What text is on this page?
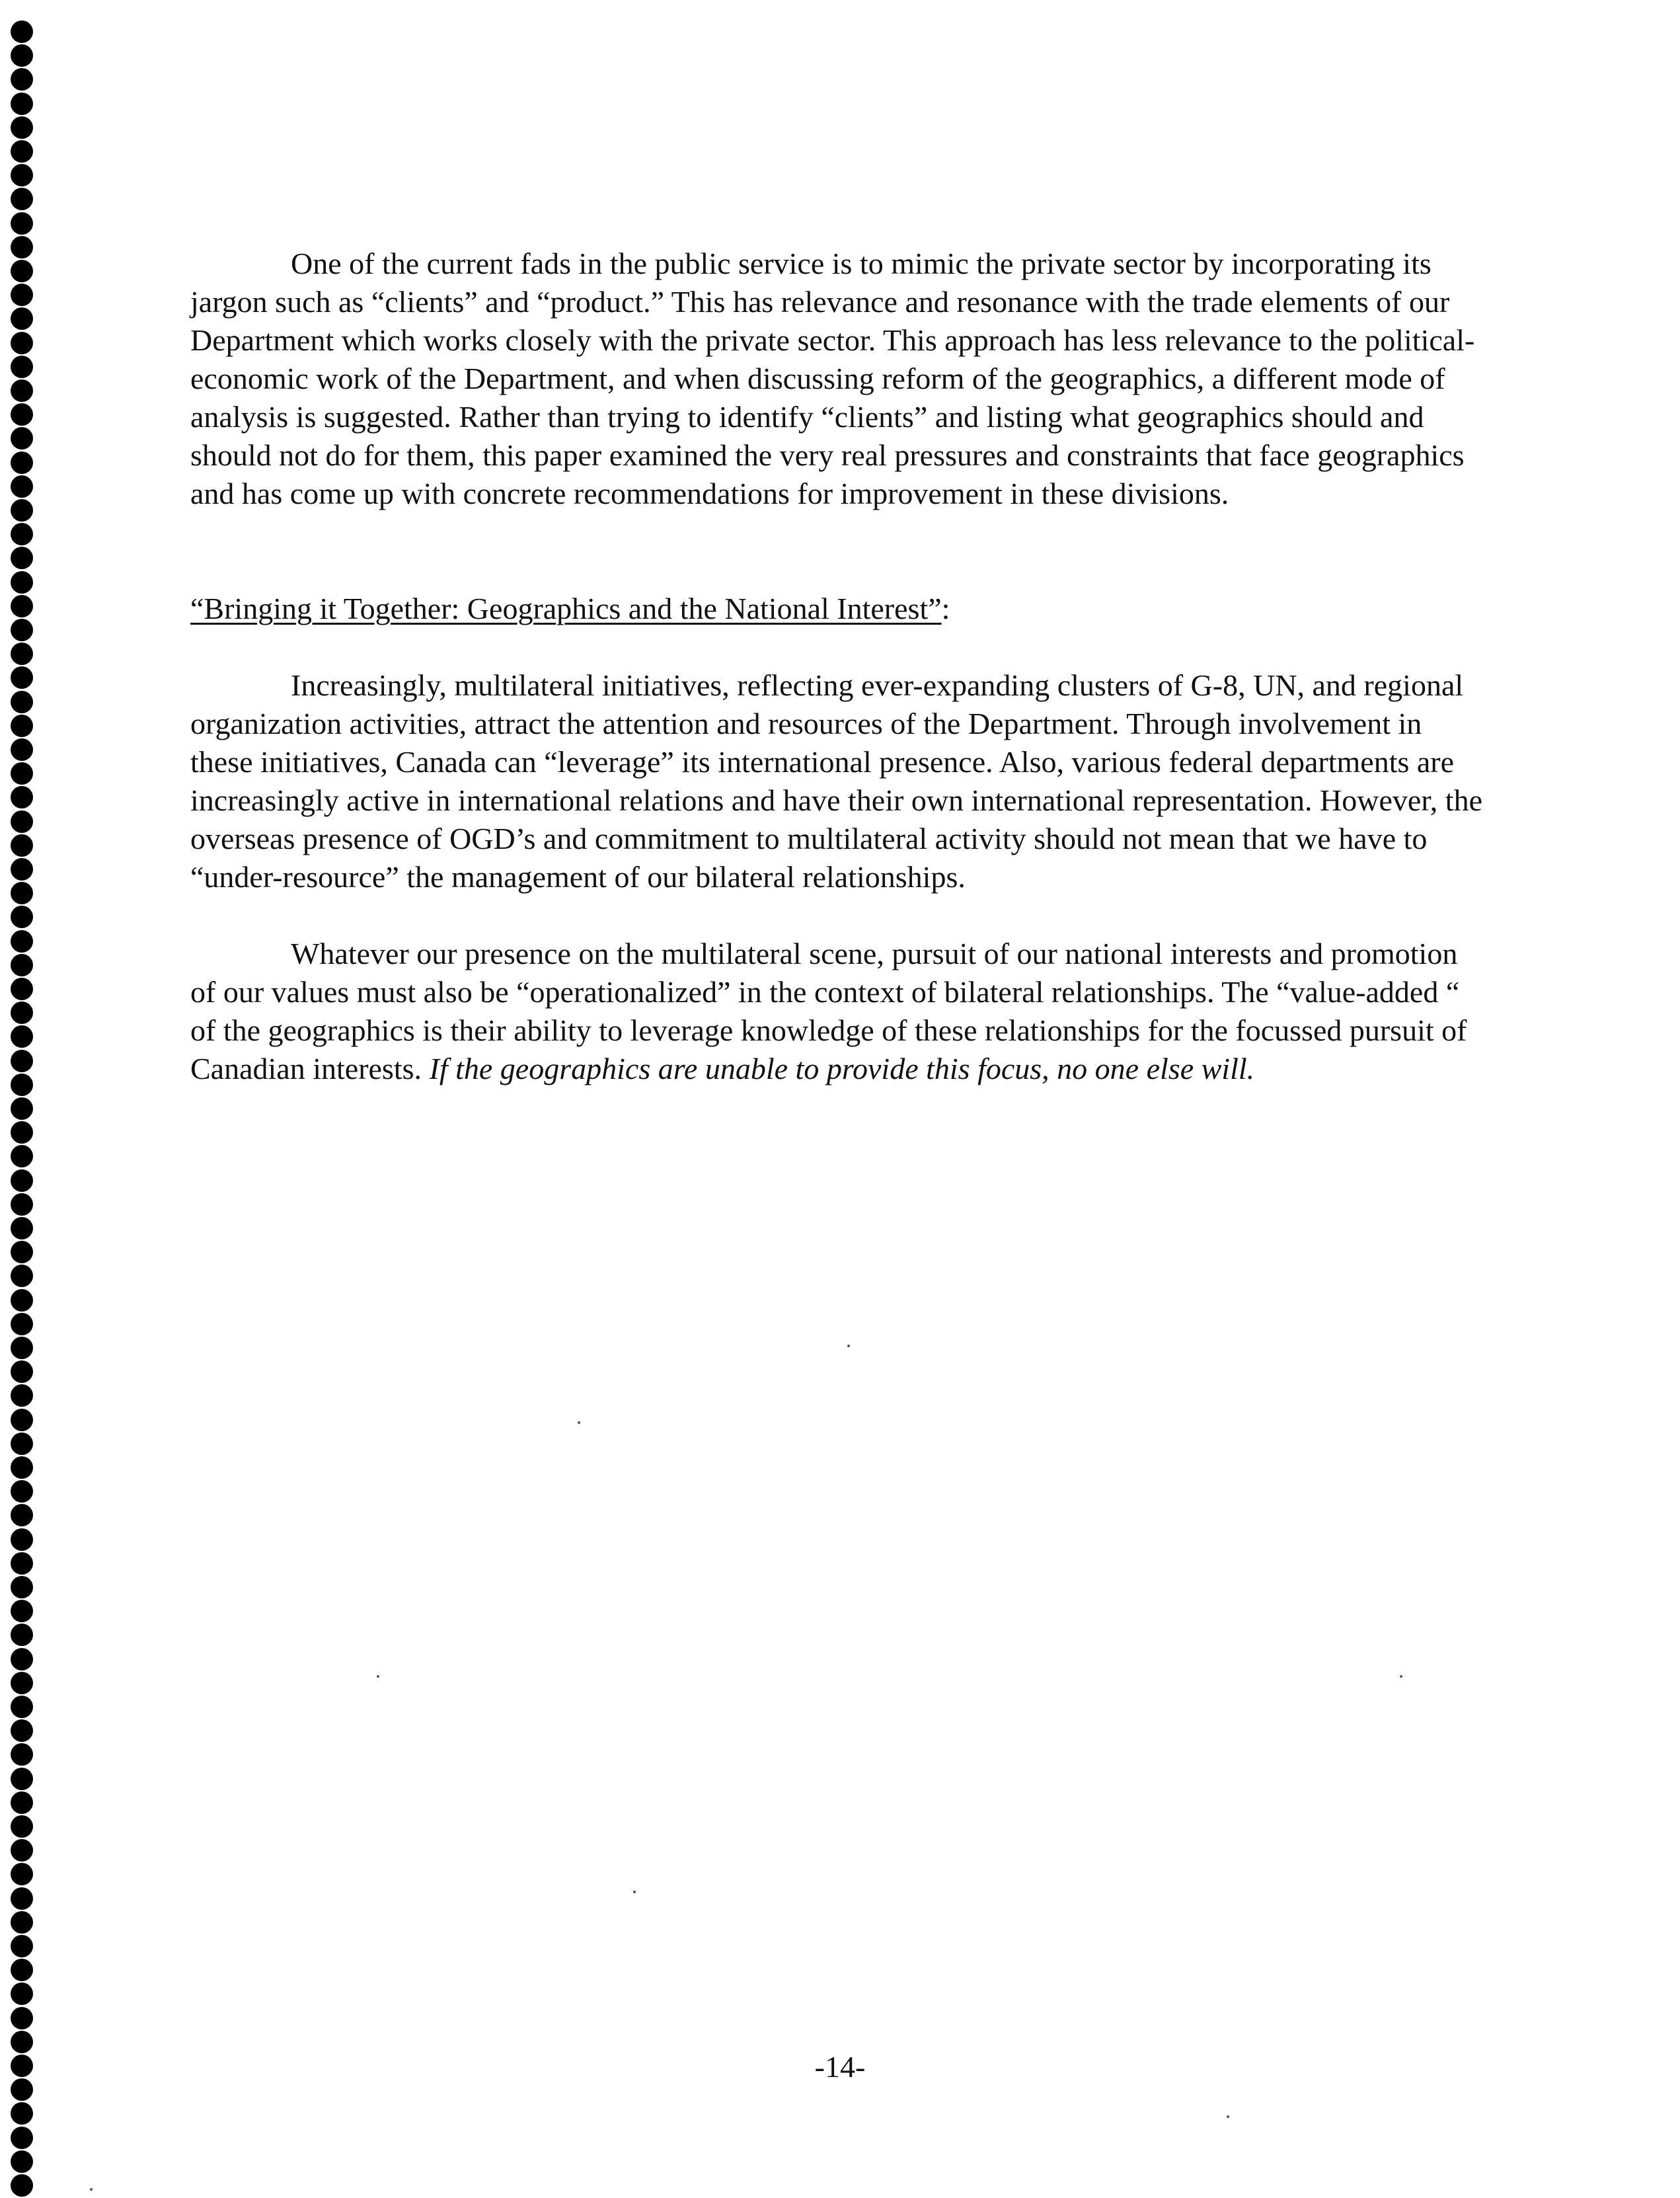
One of the current fads in the public service is to mimic the private sector by incorporating its jargon such as “clients” and “product.” This has relevance and resonance with the trade elements of our Department which works closely with the private sector. This approach has less relevance to the political-economic work of the Department, and when discussing reform of the geographics, a different mode of analysis is suggested. Rather than trying to identify “clients” and listing what geographics should and should not do for them, this paper examined the very real pressures and constraints that face geographics and has come up with concrete recommendations for improvement in these divisions.

“Bringing it Together: Geographics and the National Interest”:

Increasingly, multilateral initiatives, reflecting ever-expanding clusters of G-8, UN, and regional organization activities, attract the attention and resources of the Department. Through involvement in these initiatives, Canada can “leverage” its international presence. Also, various federal departments are increasingly active in international relations and have their own international representation. However, the overseas presence of OGD’s and commitment to multilateral activity should not mean that we have to “under-resource” the management of our bilateral relationships.

Whatever our presence on the multilateral scene, pursuit of our national interests and promotion of our values must also be “operationalized” in the context of bilateral relationships. The “value-added “ of the geographics is their ability to leverage knowledge of these relationships for the focussed pursuit of Canadian interests. If the geographics are unable to provide this focus, no one else will.

-14-
